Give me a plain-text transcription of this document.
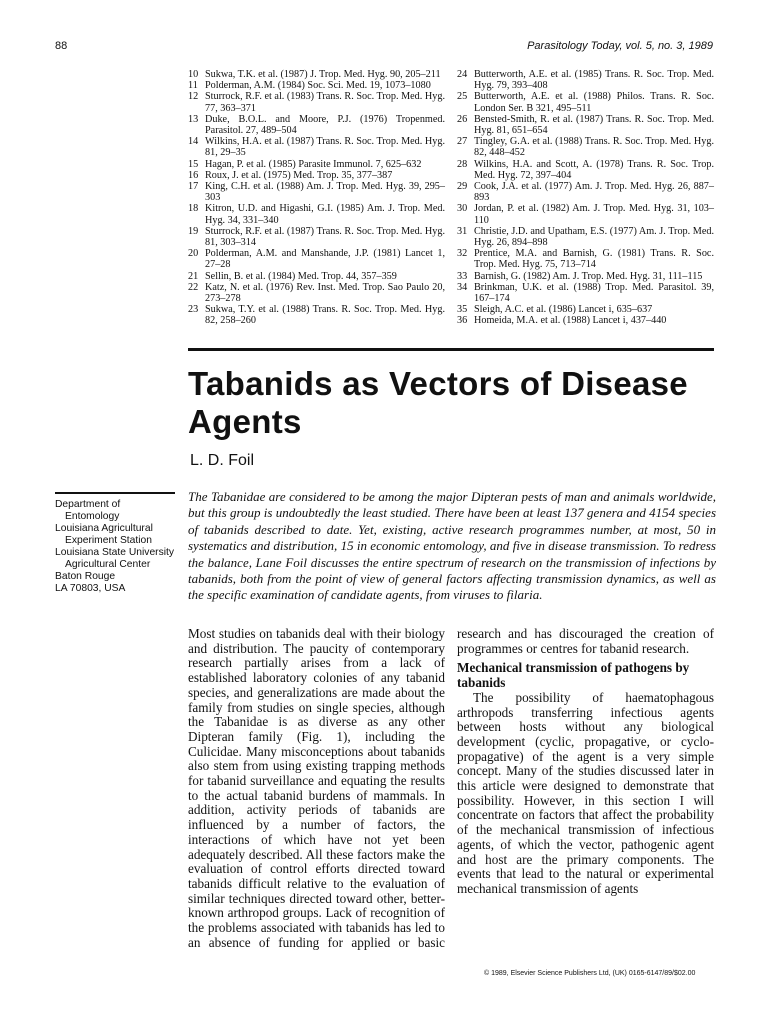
88	Parasitology Today, vol. 5, no. 3, 1989

10 Sukwa, T.K. et al. (1987) J. Trop. Med. Hyg. 90, 205–211

11 Polderman, A.M. (1984) Soc. Sci. Med. 19, 1073–1080

12 Sturrock, R.F. et al. (1983) Trans. R. Soc. Trop. Med. Hyg. 77, 363–371

13 Duke, B.O.L. and Moore, P.J. (1976) Tropenmed. Parasitol. 27, 489–504

14 Wilkins, H.A. et al. (1987) Trans. R. Soc. Trop. Med. Hyg. 81, 29–35

15 Hagan, P. et al. (1985) Parasite Immunol. 7, 625–632

16 Roux, J. et al. (1975) Med. Trop. 35, 377–387

17 King, C.H. et al. (1988) Am. J. Trop. Med. Hyg. 39, 295–303

18 Kitron, U.D. and Higashi, G.I. (1985) Am. J. Trop. Med. Hyg. 34, 331–340

19 Sturrock, R.F. et al. (1987) Trans. R. Soc. Trop. Med. Hyg. 81, 303–314

20 Polderman, A.M. and Manshande, J.P. (1981) Lancet 1, 27–28

21 Sellin, B. et al. (1984) Med. Trop. 44, 357–359

22 Katz, N. et al. (1976) Rev. Inst. Med. Trop. Sao Paulo 20, 273–278

23 Sukwa, T.Y. et al. (1988) Trans. R. Soc. Trop. Med. Hyg. 82, 258–260

24 Butterworth, A.E. et al. (1985) Trans. R. Soc. Trop. Med. Hyg. 79, 393–408

25 Butterworth, A.E. et al. (1988) Philos. Trans. R. Soc. London Ser. B 321, 495–511

26 Bensted-Smith, R. et al. (1987) Trans. R. Soc. Trop. Med. Hyg. 81, 651–654

27 Tingley, G.A. et al. (1988) Trans. R. Soc. Trop. Med. Hyg. 82, 448–452

28 Wilkins, H.A. and Scott, A. (1978) Trans. R. Soc. Trop. Med. Hyg. 72, 397–404

29 Cook, J.A. et al. (1977) Am. J. Trop. Med. Hyg. 26, 887–893

30 Jordan, P. et al. (1982) Am. J. Trop. Med. Hyg. 31, 103–110

31 Christie, J.D. and Upatham, E.S. (1977) Am. J. Trop. Med. Hyg. 26, 894–898

32 Prentice, M.A. and Barnish, G. (1981) Trans. R. Soc. Trop. Med. Hyg. 75, 713–714

33 Barnish, G. (1982) Am. J. Trop. Med. Hyg. 31, 111–115

34 Brinkman, U.K. et al. (1988) Trop. Med. Parasitol. 39, 167–174

35 Sleigh, A.C. et al. (1986) Lancet i, 635–637

36 Homeida, M.A. et al. (1988) Lancet i, 437–440

Tabanids as Vectors of Disease Agents
L. D. Foil
Department of
Entomology
Louisiana Agricultural
Experiment Station
Louisiana State University
Agricultural Center
Baton Rouge
LA 70803, USA

The Tabanidae are considered to be among the major Dipteran pests of man and animals worldwide, but this group is undoubtedly the least studied. There have been at least 137 genera and 4154 species of tabanids described to date. Yet, existing, active research programmes number, at most, 50 in systematics and distribution, 15 in economic entomology, and five in disease transmission. To redress the balance, Lane Foil discusses the entire spectrum of research on the transmission of infections by tabanids, both from the point of view of general factors affecting transmission dynamics, as well as the specific examination of candidate agents, from viruses to filaria.

Most studies on tabanids deal with their biology and distribution. The paucity of contemporary research partially arises from a lack of established laboratory colonies of any tabanid species, and generalizations are made about the family from studies on single species, although the Tabanidae is as diverse as any other Dipteran family (Fig. 1), including the Culicidae. Many misconceptions about tabanids also stem from using existing trapping methods for tabanid surveillance and equating the results to the actual tabanid burdens of mammals. In addition, activity periods of tabanids are influenced by a number of factors, the interactions of which have not yet been adequately described. All these factors make the evaluation of control efforts directed toward tabanids difficult relative to the evaluation of similar techniques directed toward other, better-known arthropod groups. Lack of recognition of the problems associated with tabanids has led to an absence of funding for applied or basic

research and has discouraged the creation of programmes or centres for tabanid research.

Mechanical transmission of pathogens by tabanids

The possibility of haematophagous arthropods transferring infectious agents between hosts without any biological development (cyclic, propagative, or cyclo-propagative) of the agent is a very simple concept. Many of the studies discussed later in this article were designed to demonstrate that possibility. However, in this section I will concentrate on factors that affect the probability of the mechanical transmission of infectious agents, of which the vector, pathogenic agent and host are the primary components. The events that lead to the natural or experimental mechanical transmission of agents

© 1989, Elsevier Science Publishers Ltd, (UK) 0165-6147/89/$02.00
